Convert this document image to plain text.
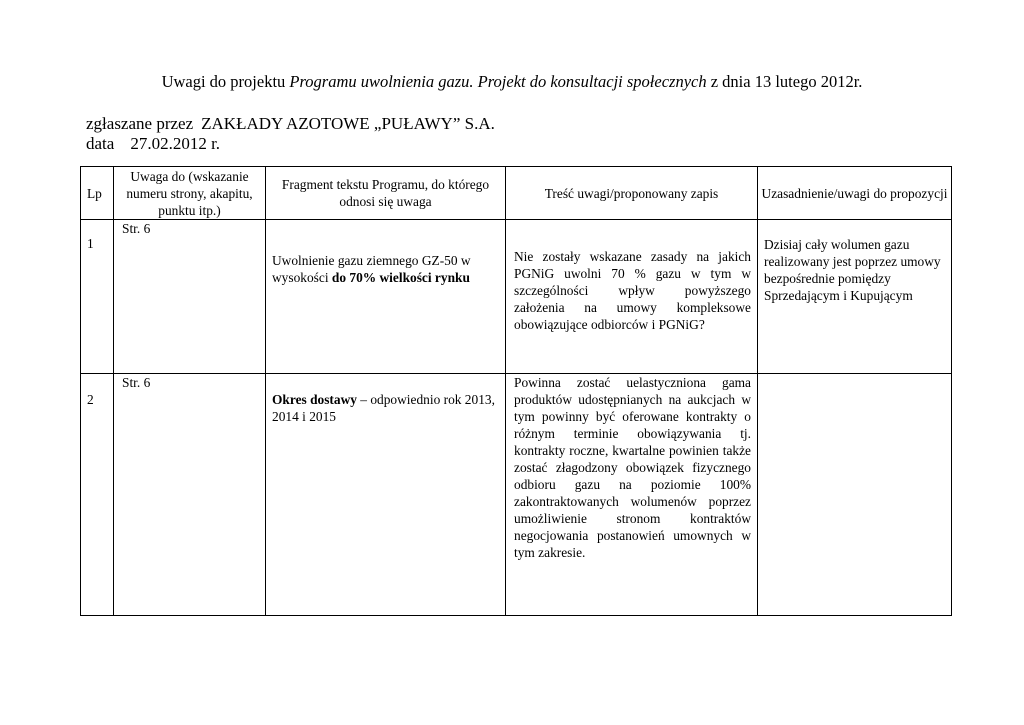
Uwagi do projektu Programu uwolnienia gazu. Projekt do konsultacji społecznych z dnia 13 lutego 2012r.
zgłaszane przez ZAKŁADY AZOTOWE „PUŁAWY” S.A.
data 27.02.2012 r.
Lp	Uwaga do (wskazanie numeru strony, akapitu, punktu itp.)	Fragment tekstu Programu, do którego odnosi się uwaga	Treść uwagi/proponowany zapis	Uzasadnienie/uwagi do propozycji

1	Str. 6	Uwolnienie gazu ziemnego GZ-50 w wysokości do 70% wielkości rynku	Nie zostały wskazane zasady na jakich PGNiG uwolni 70 % gazu w tym w szczególności wpływ powyższego założenia na umowy kompleksowe obowiązujące odbiorców i PGNiG?	Dzisiaj cały wolumen gazu realizowany jest poprzez umowy bezpośrednie pomiędzy Sprzedającym i Kupującym

2	Str. 6	Okres dostawy – odpowiednio rok 2013, 2014 i 2015	Powinna zostać uelastyczniona gama produktów udostępnianych na aukcjach w tym powinny być oferowane kontrakty o różnym terminie obowiązywania tj. kontrakty roczne, kwartalne powinien także zostać złagodzony obowiązek fizycznego odbioru gazu na poziomie 100% zakontraktowanych wolumenów poprzez umożliwienie stronom kontraktów negocjowania postanowień umownych w tym zakresie.	
